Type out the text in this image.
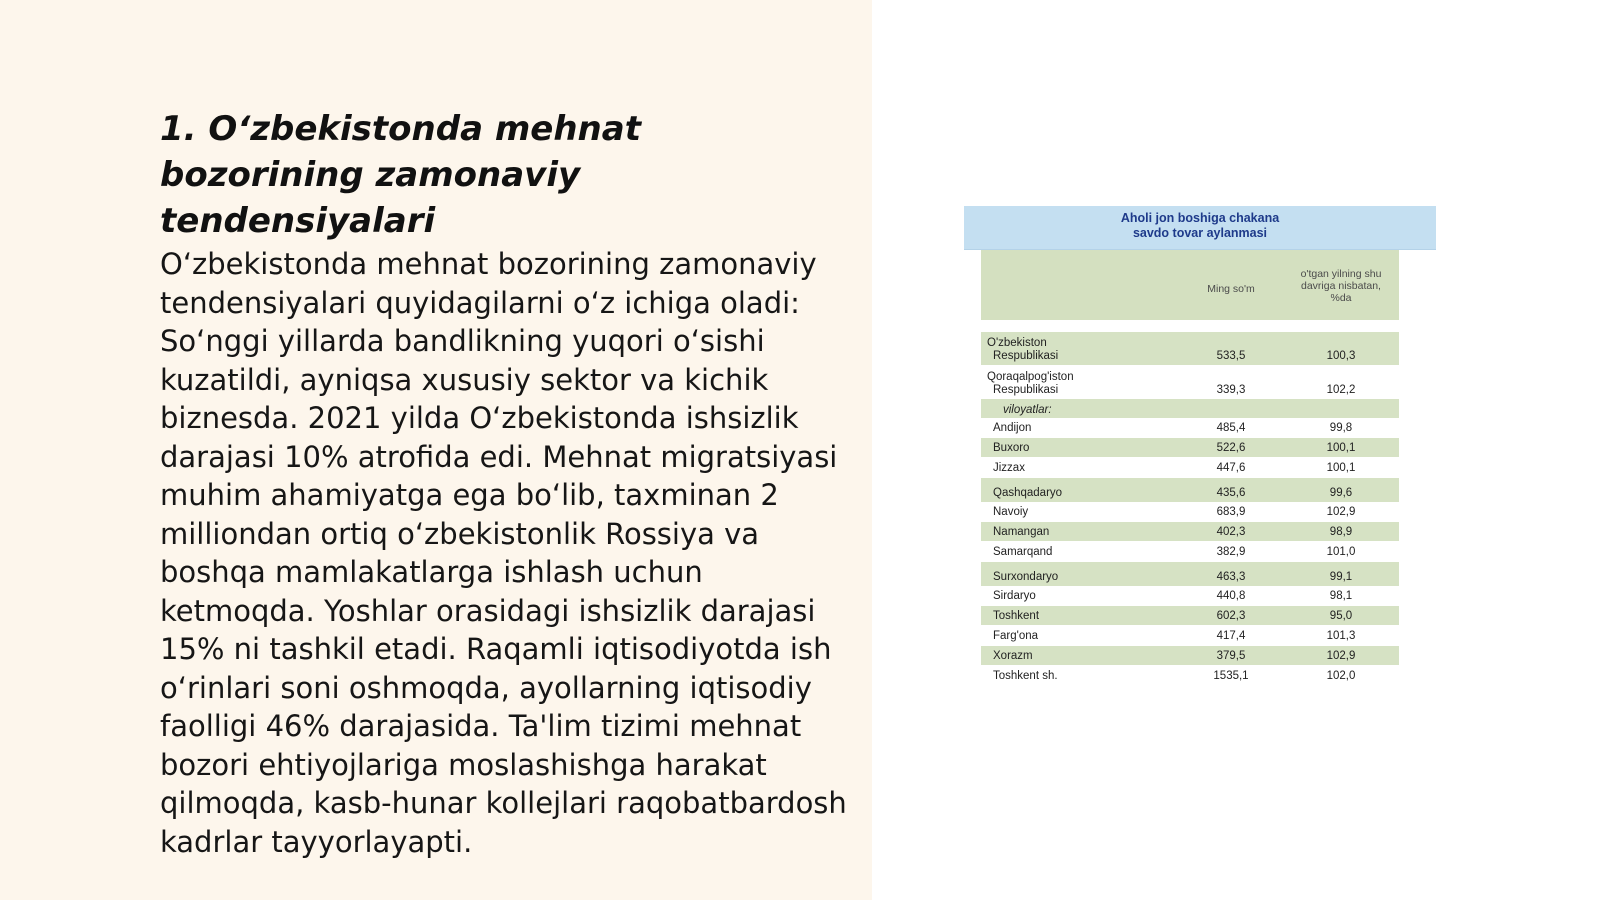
1. O‘zbekistonda mehnat bozorining zamonaviy tendensiyalari

O‘zbekistonda mehnat bozorining zamonaviy tendensiyalari quyidagilarni o‘z ichiga oladi: So‘nggi yillarda bandlikning yuqori o‘sishi kuzatildi, ayniqsa xususiy sektor va kichik biznesda. 2021 yilda O‘zbekistonda ishsizlik darajasi 10% atrofida edi. Mehnat migratsiyasi muhim ahamiyatga ega bo‘lib, taxminan 2 milliondan ortiq o‘zbekistonlik Rossiya va boshqa mamlakatlarga ishlash uchun ketmoqda. Yoshlar orasidagi ishsizlik darajasi 15% ni tashkil etadi. Raqamli iqtisodiyotda ish o‘rinlari soni oshmoqda, ayollarning iqtisodiy faolligi 46% darajasida. Ta'lim tizimi mehnat bozori ehtiyojlariga moslashishga harakat qilmoqda, kasb-hunar kollejlari raqobatbardosh kadrlar tayyorlayapti.

Aholi jon boshiga chakana
savdo tovar aylanmasi
Ming so'm
o'tgan yilning shu
davriga nisbatan,
%da
O'zbekiston
Respublikasi	533,5	100,3
Qoraqalpog'iston
Respublikasi	339,3	102,2
viloyatlar:
Andijon	485,4	99,8
Buxoro	522,6	100,1
Jizzax	447,6	100,1
Qashqadaryo	435,6	99,6
Navoiy	683,9	102,9
Namangan	402,3	98,9
Samarqand	382,9	101,0
Surxondaryo	463,3	99,1
Sirdaryo	440,8	98,1
Toshkent	602,3	95,0
Farg'ona	417,4	101,3
Xorazm	379,5	102,9
Toshkent sh.	1535,1	102,0
